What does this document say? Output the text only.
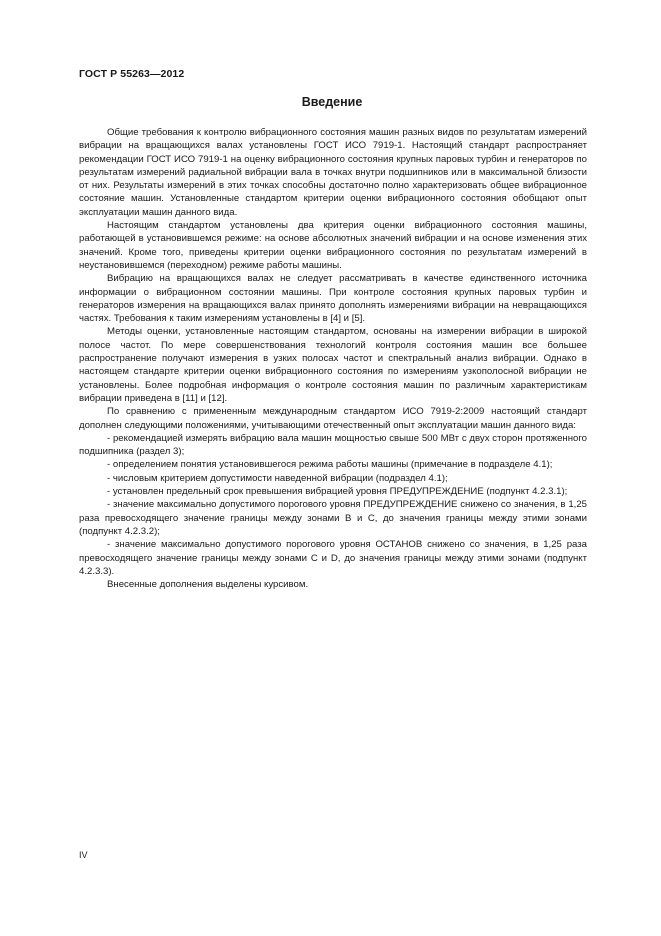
ГОСТ Р 55263—2012
Введение

Общие требования к контролю вибрационного состояния машин разных видов по результатам измерений вибрации на вращающихся валах установлены ГОСТ ИСО 7919-1. Настоящий стандарт распространяет рекомендации ГОСТ ИСО 7919-1 на оценку вибрационного состояния крупных паровых турбин и генераторов по результатам измерений радиальной вибрации вала в точках внутри подшипников или в максимальной близости от них. Результаты измерений в этих точках способны достаточно полно характеризовать общее вибрационное состояние машин. Установленные стандартом критерии оценки вибрационного состояния обобщают опыт эксплуатации машин данного вида.

Настоящим стандартом установлены два критерия оценки вибрационного состояния машины, работающей в установившемся режиме: на основе абсолютных значений вибрации и на основе изменения этих значений. Кроме того, приведены критерии оценки вибрационного состояния по результатам измерений в неустановившемся (переходном) режиме работы машины.

Вибрацию на вращающихся валах не следует рассматривать в качестве единственного источника информации о вибрационном состоянии машины. При контроле состояния крупных паровых турбин и генераторов измерения на вращающихся валах принято дополнять измерениями вибрации на невращающихся частях. Требования к таким измерениям установлены в [4] и [5].

Методы оценки, установленные настоящим стандартом, основаны на измерении вибрации в широкой полосе частот. По мере совершенствования технологий контроля состояния машин все большее распространение получают измерения в узких полосах частот и спектральный анализ вибрации. Однако в настоящем стандарте критерии оценки вибрационного состояния по измерениям узкополосной вибрации не установлены. Более подробная информация о контроле состояния машин по различным характеристикам вибрации приведена в [11] и [12].

По сравнению с примененным международным стандартом ИСО 7919-2:2009 настоящий стандарт дополнен следующими положениями, учитывающими отечественный опыт эксплуатации машин данного вида:

- рекомендацией измерять вибрацию вала машин мощностью свыше 500 МВт с двух сторон протяженного подшипника (раздел 3);

- определением понятия установившегося режима работы машины (примечание в подразделе 4.1);

- числовым критерием допустимости наведенной вибрации (подраздел 4.1);

- установлен предельный срок превышения вибрацией уровня ПРЕДУПРЕЖДЕНИЕ (подпункт 4.2.3.1);

- значение максимально допустимого порогового уровня ПРЕДУПРЕЖДЕНИЕ снижено со значения, в 1,25 раза превосходящего значение границы между зонами B и C, до значения границы между этими зонами (подпункт 4.2.3.2);

- значение максимально допустимого порогового уровня ОСТАНОВ снижено со значения, в 1,25 раза превосходящего значение границы между зонами C и D, до значения границы между этими зонами (подпункт 4.2.3.3).

Внесенные дополнения выделены курсивом.

IV
